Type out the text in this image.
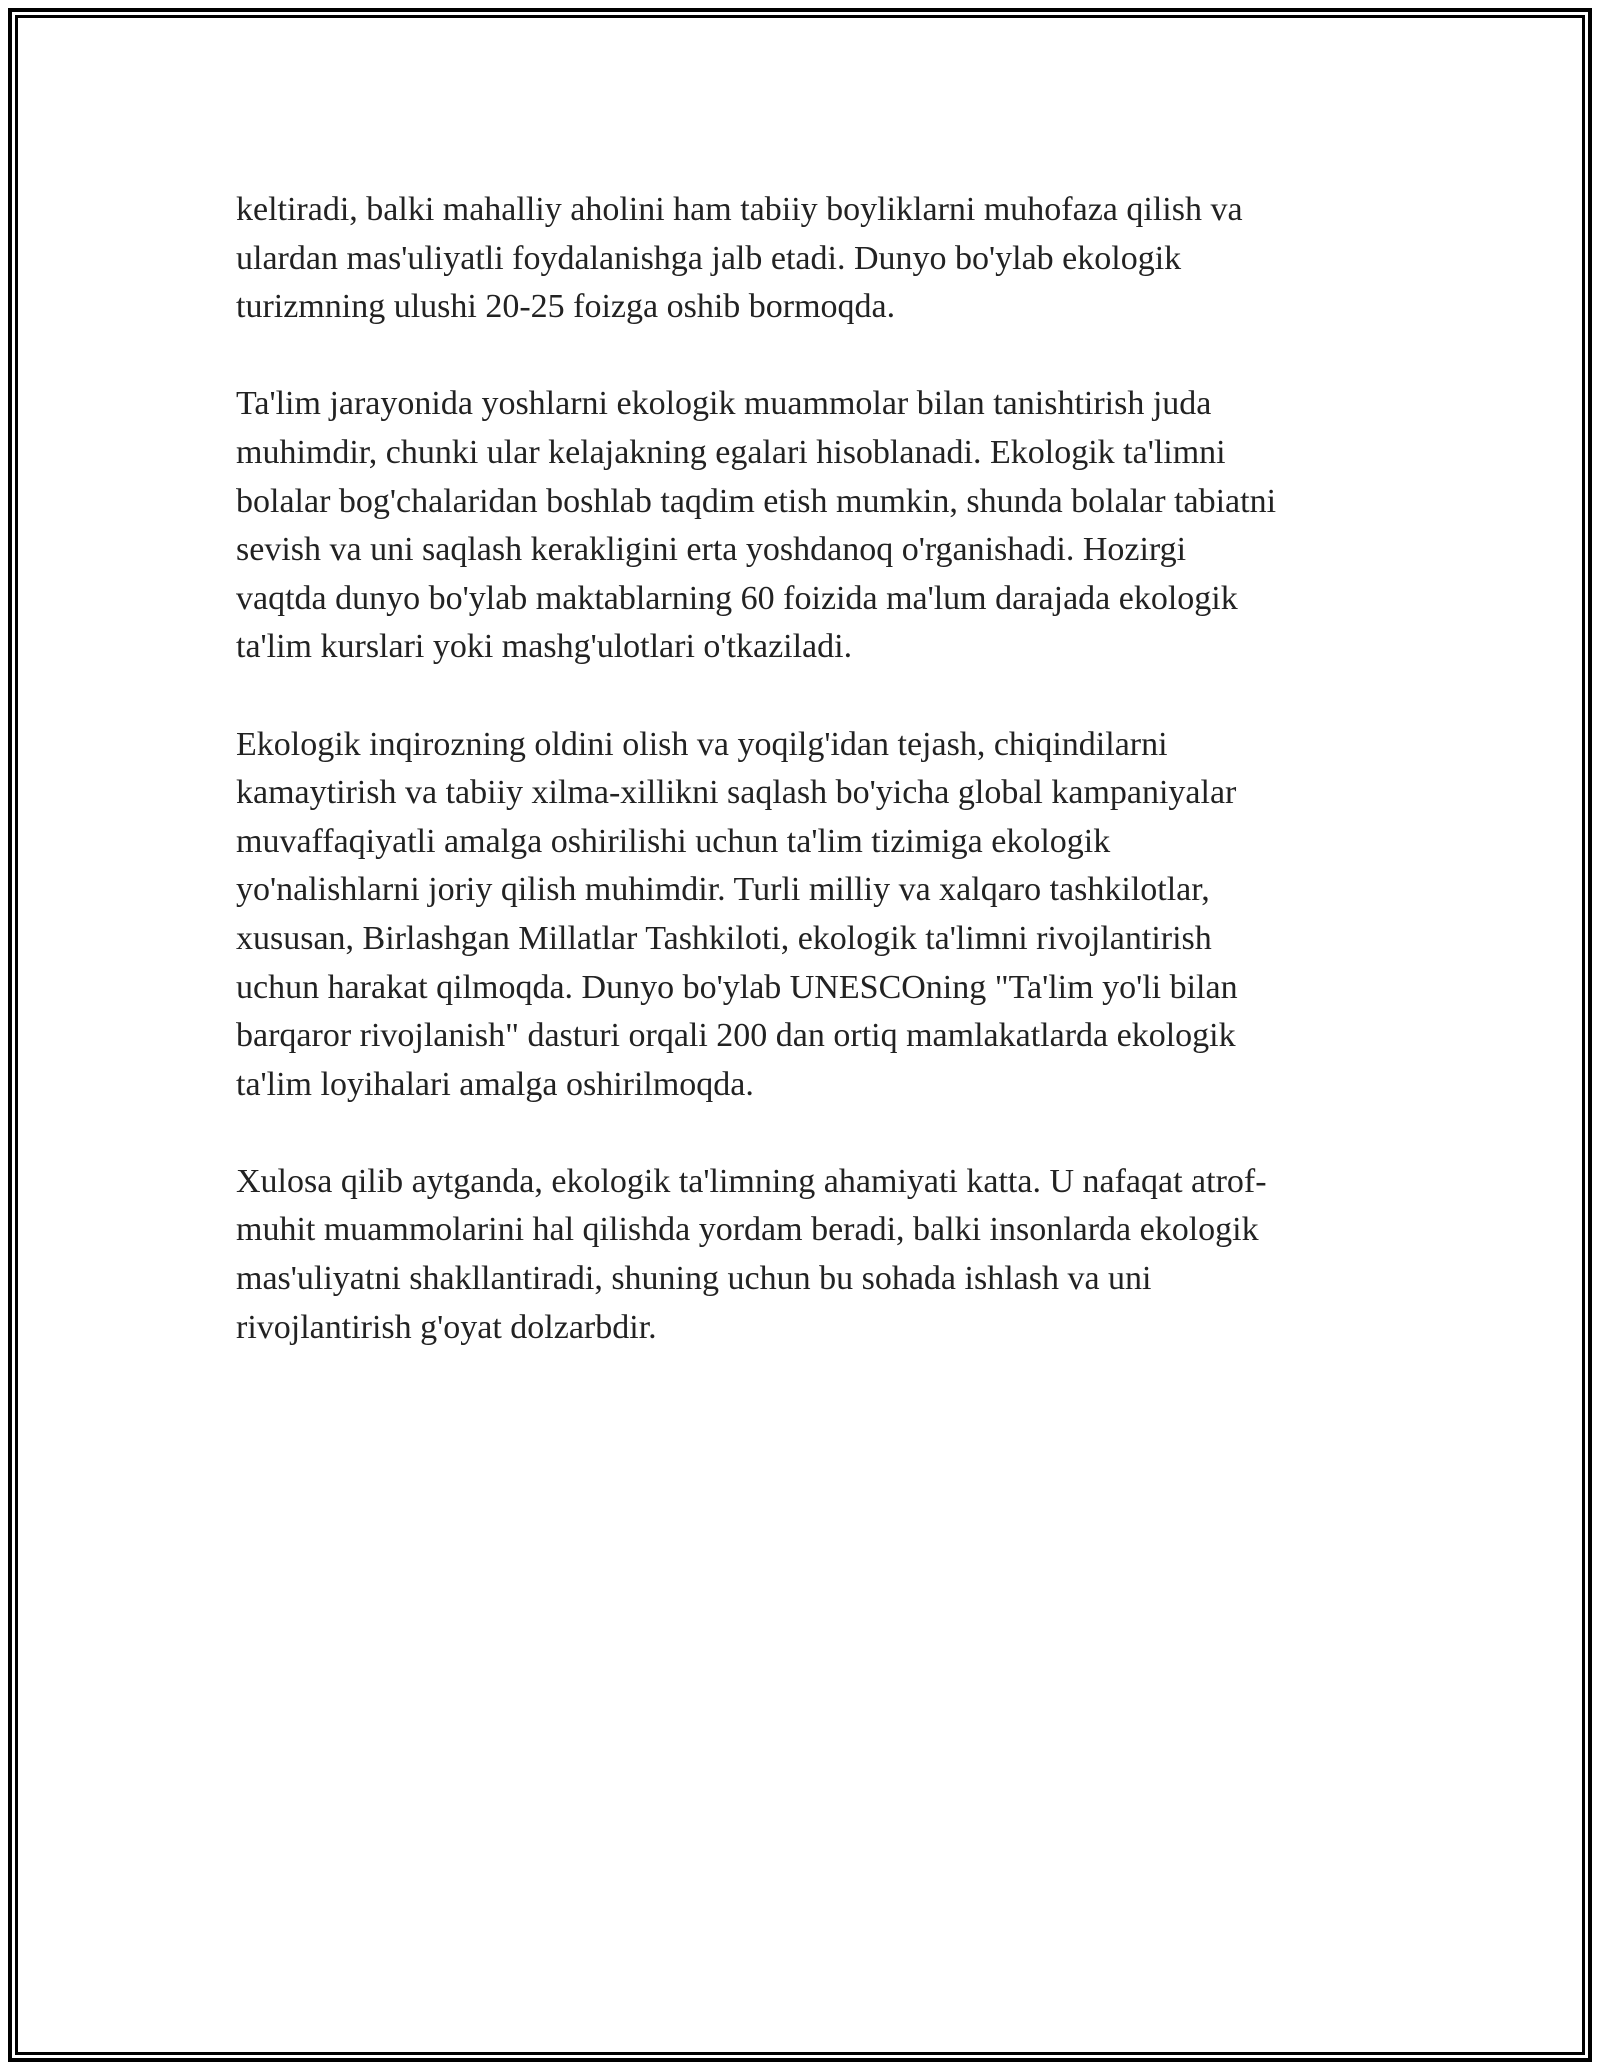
keltiradi, balki mahalliy aholini ham tabiiy boyliklarni muhofaza qilish va
ulardan mas'uliyatli foydalanishga jalb etadi. Dunyo bo'ylab ekologik
turizmning ulushi 20-25 foizga oshib bormoqda.

Ta'lim jarayonida yoshlarni ekologik muammolar bilan tanishtirish juda
muhimdir, chunki ular kelajakning egalari hisoblanadi. Ekologik ta'limni
bolalar bog'chalaridan boshlab taqdim etish mumkin, shunda bolalar tabiatni
sevish va uni saqlash kerakligini erta yoshdanoq o'rganishadi. Hozirgi
vaqtda dunyo bo'ylab maktablarning 60 foizida ma'lum darajada ekologik
ta'lim kurslari yoki mashg'ulotlari o'tkaziladi.

Ekologik inqirozning oldini olish va yoqilg'idan tejash, chiqindilarni
kamaytirish va tabiiy xilma-xillikni saqlash bo'yicha global kampaniyalar
muvaffaqiyatli amalga oshirilishi uchun ta'lim tizimiga ekologik
yo'nalishlarni joriy qilish muhimdir. Turli milliy va xalqaro tashkilotlar,
xususan, Birlashgan Millatlar Tashkiloti, ekologik ta'limni rivojlantirish
uchun harakat qilmoqda. Dunyo bo'ylab UNESCOning "Ta'lim yo'li bilan
barqaror rivojlanish" dasturi orqali 200 dan ortiq mamlakatlarda ekologik
ta'lim loyihalari amalga oshirilmoqda.

Xulosa qilib aytganda, ekologik ta'limning ahamiyati katta. U nafaqat atrof-
muhit muammolarini hal qilishda yordam beradi, balki insonlarda ekologik
mas'uliyatni shakllantiradi, shuning uchun bu sohada ishlash va uni
rivojlantirish g'oyat dolzarbdir.
